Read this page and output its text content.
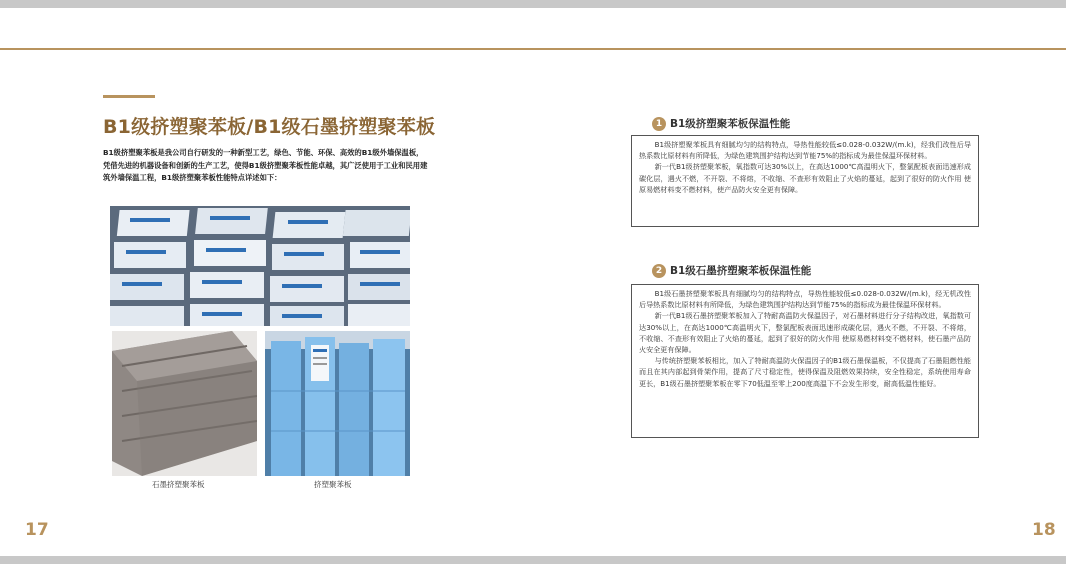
B1级挤塑聚苯板/B1级石墨挤塑聚苯板
B1级挤塑聚苯板是我公司自行研发的一种新型工艺，绿色、节能、环保、高效的B1级外墙保温板，凭借先进的机器设备和创新的生产工艺，使得B1级挤塑聚苯板性能卓越，其广泛使用于工业和民用建筑外墙保温工程，B1级挤塑聚苯板性能特点详述如下：
石墨挤塑聚苯板	挤塑聚苯板
17
1 B1级挤塑聚苯板保温性能

B1级挤塑聚苯板具有细腻均匀的结构特点，导热性能较低≤0.028-0.032W/(m.k)，经我们改性后导热系数比原材料有所降低，为绿色建筑围护结构达到节能75%的指标成为最佳保温环保材料。

新一代B1级挤塑聚苯板，氧指数可达30%以上，在高达1000℃高温明火下，整氯配板表面迅速形成碳化层，遇火不燃，不开裂、不将熔，不收缩、不查形有效阻止了火焰的蔓延，起到了很好的防火作用 使原易燃材料变不燃材料，使产品防火安全更有保障。

2 B1级石墨挤塑聚苯板保温性能

B1级石墨挤塑聚苯板具有细腻均匀的结构特点，导热性能较低≤0.028-0.032W/(m.k)，经无机改性后导热系数比原材料有所降低，为绿色建筑围护结构达到节能75%的指标成为最佳保温环保材料。

新一代B1级石墨挤塑聚苯板加入了特耐高温防火保温因子，对石墨材料进行分子结构改进，氧指数可达30%以上，在高达1000℃高温明火下，整氯配板表面迅速形成碳化层，遇火不燃，不开裂、不将熔，不收缩、不查形有效阻止了火焰的蔓延，起到了很好的防火作用 使原易燃材料变不燃材料，使石墨产品防火安全更有保障。

与传统挤塑聚苯板相比，加入了特耐高温防火保温因子的B1级石墨保温板，不仅提高了石墨阻燃性能而且在其内部起到骨架作用，提高了尺寸稳定性，使得保温及阻燃效果持续，安全性稳定，系统使用寿命更长，B1级石墨挤塑聚苯板在零下70低温至零上200度高温下不会发生形变，耐高低温性能好。

18
